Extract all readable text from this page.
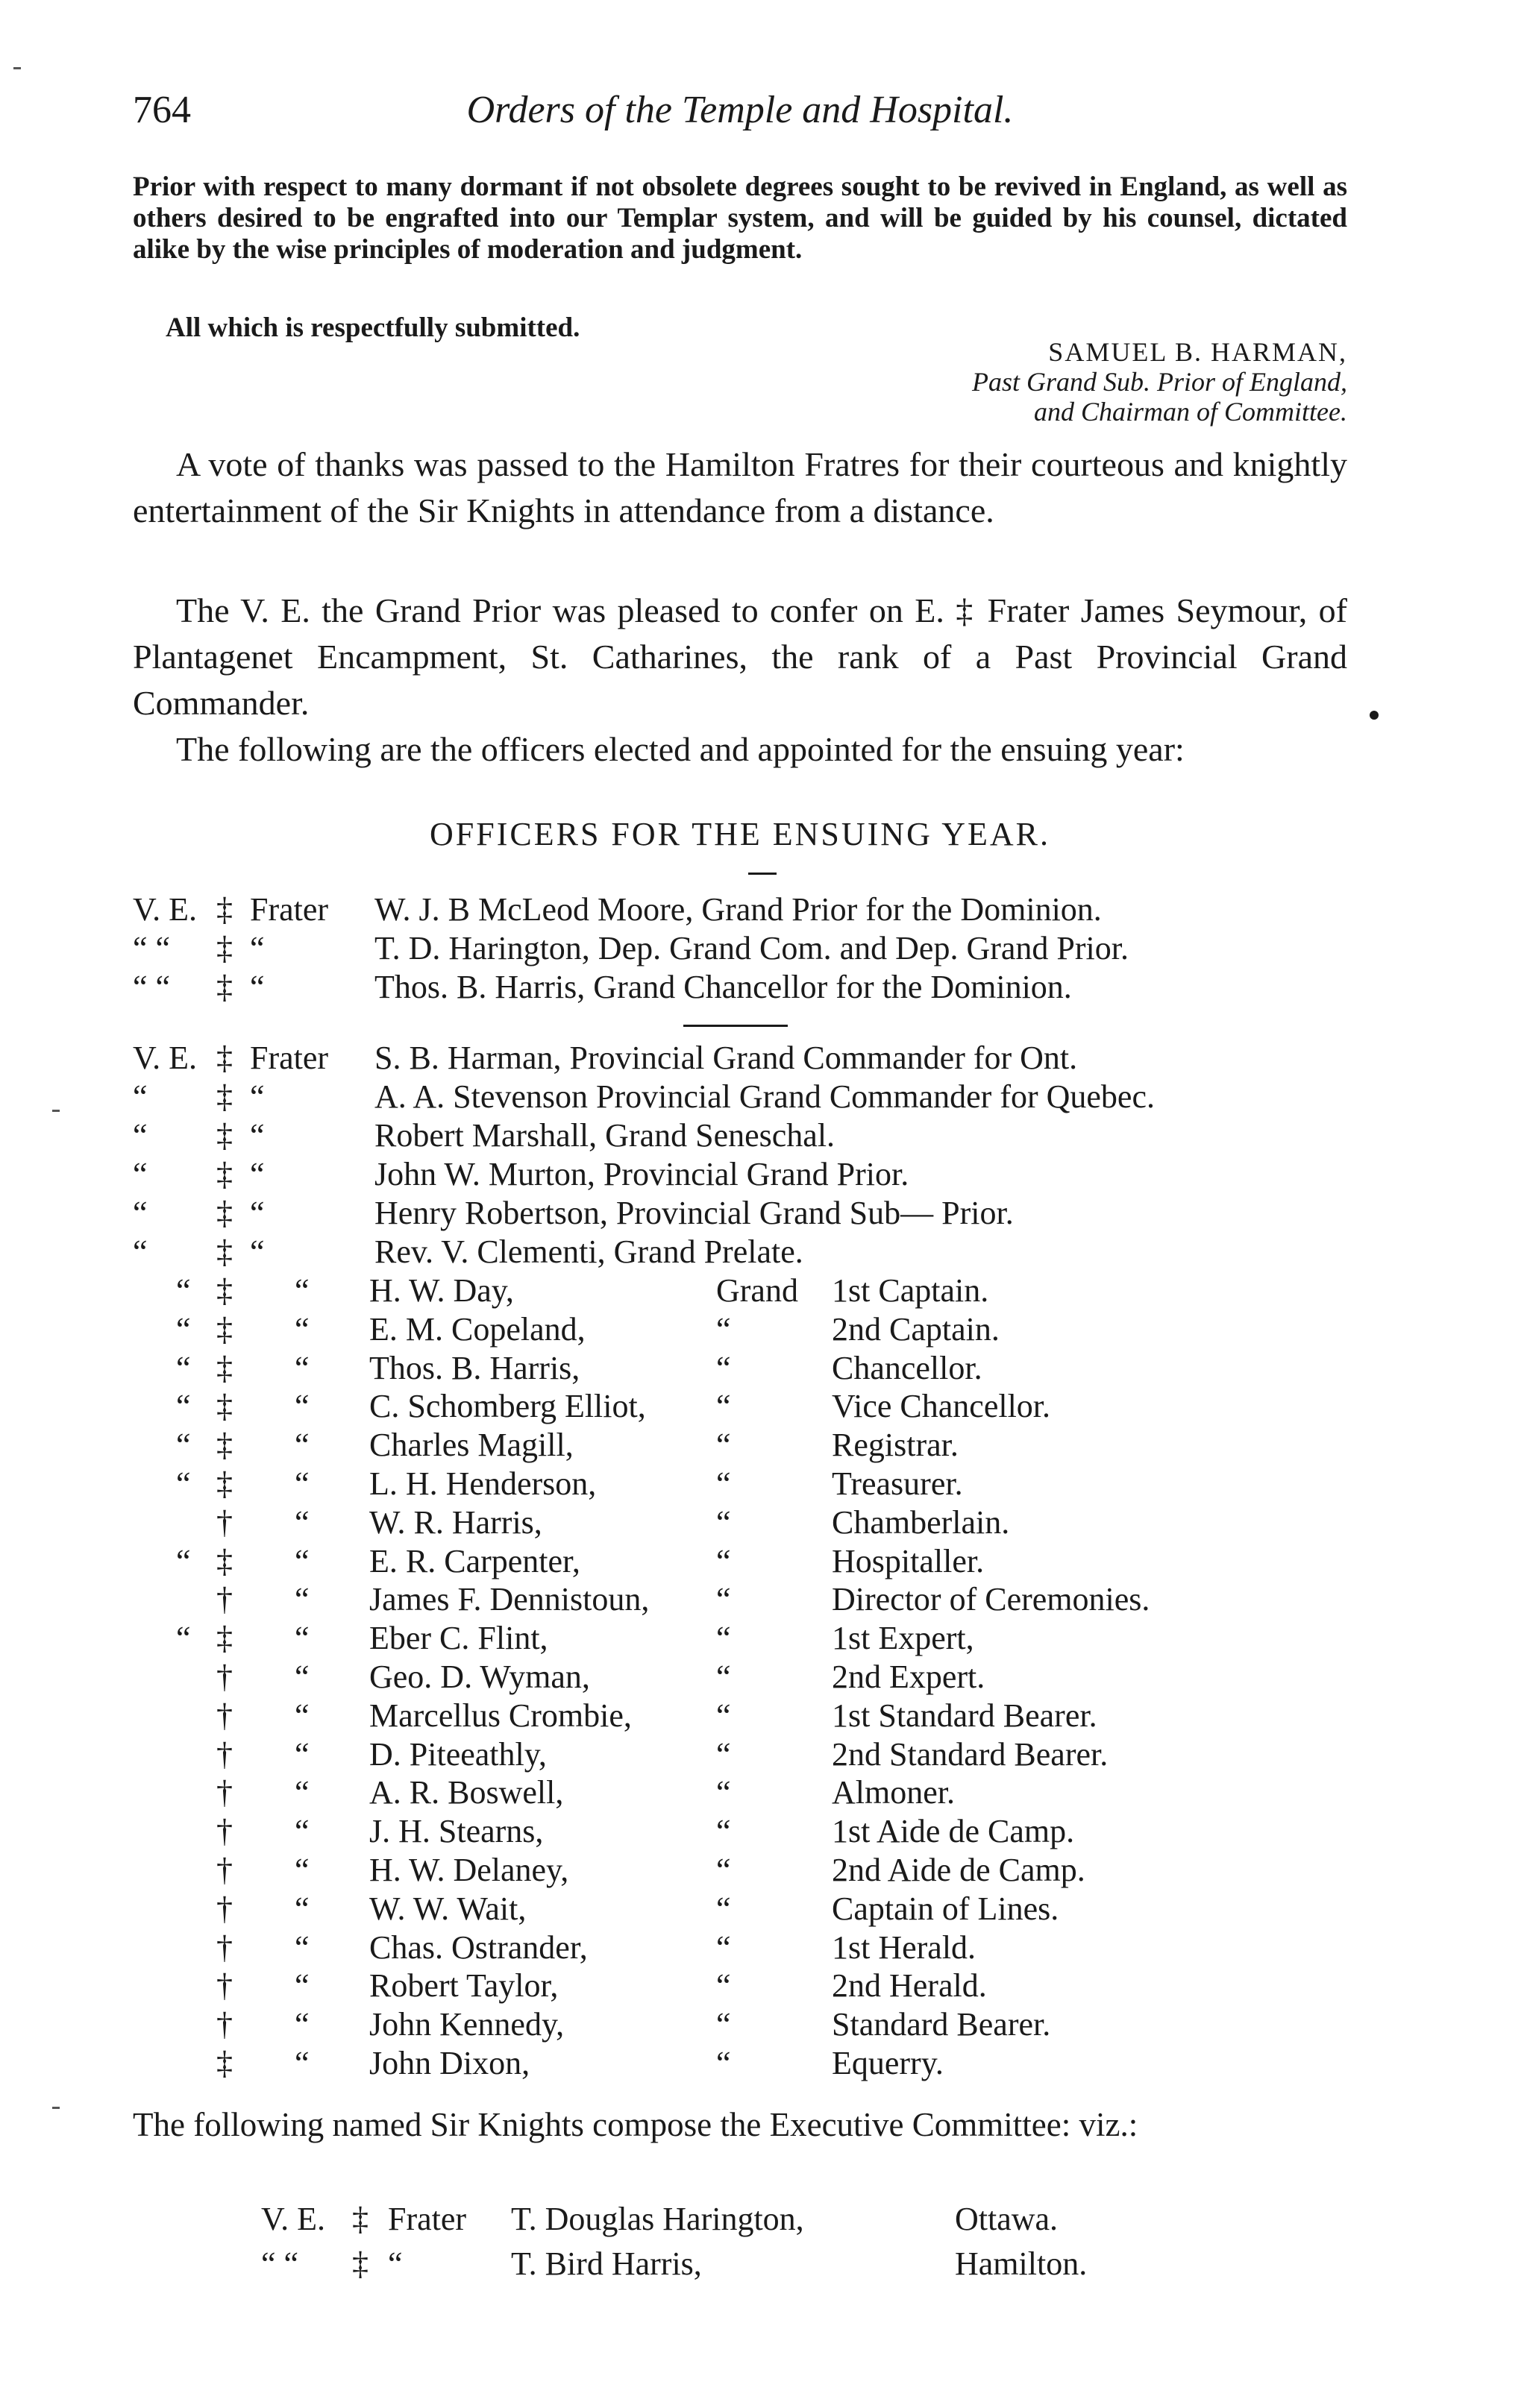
764	Orders of the Temple and Hospital.
Prior with respect to many dormant if not obsolete degrees sought to be revived in England, as well as others desired to be engrafted into our Templar system, and will be guided by his counsel, dictated alike by the wise principles of moderation and judgment.
All which is respectfully submitted.
SAMUEL B. HARMAN,
Past Grand Sub. Prior of England,
and Chairman of Committee.
A vote of thanks was passed to the Hamilton Fratres for their courteous and knightly entertainment of the Sir Knights in attendance from a distance.
The V. E. the Grand Prior was pleased to confer on E. ‡ Frater James Seymour, of Plantagenet Encampment, St. Catharines, the rank of a Past Provincial Grand Commander.
The following are the officers elected and appointed for the ensuing year:
OFFICERS FOR THE ENSUING YEAR.
V. E. ‡ Frater W. J. B McLeod Moore, Grand Prior for the Dominion.
“ “ ‡ “	T. D. Harington, Dep. Grand Com. and Dep. Grand Prior.
“ “ ‡ “	Thos. B. Harris, Grand Chancellor for the Dominion.
V. E. ‡ Frater S. B. Harman, Provincial Grand Commander for Ont.
“ ‡ “	A. A. Stevenson Provincial Grand Commander for Quebec.
“ ‡ “	Robert Marshall, Grand Seneschal.
“ ‡ “	John W. Murton, Provincial Grand Prior.
“ ‡ “	Henry Robertson, Provincial Grand Sub— Prior.
“ ‡ “	Rev. V. Clementi, Grand Prelate.
“ ‡ “ H. W. Day,	Grand 1st Captain.
“ ‡ “ E. M. Copeland,	“	2nd Captain.
“ ‡ “ Thos. B. Harris,	“	Chancellor.
“ ‡ “ C. Schomberg Elliot, “	Vice Chancellor.
“ ‡ “ Charles Magill,	“	Registrar.
“ ‡ “ L. H. Henderson,	“	Treasurer.
† “ W. R. Harris,	“	Chamberlain.
“ ‡ “ E. R. Carpenter,	“	Hospitaller.
† “ James F. Dennistoun, “	Director of Ceremonies.
“ ‡ “ Eber C. Flint,	“	1st Expert,
† “ Geo. D. Wyman,	“	2nd Expert.
† “ Marcellus Crombie,	“	1st Standard Bearer.
† “ D. Piteeathly,	“	2nd Standard Bearer.
† “ A. R. Boswell,	“	Almoner.
† “ J. H. Stearns,	“	1st Aide de Camp.
† “ H. W. Delaney,	“	2nd Aide de Camp.
† “ W. W. Wait,	“	Captain of Lines.
† “ Chas. Ostrander,	“	1st Herald.
† “ Robert Taylor,	“	2nd Herald.
† “ John Kennedy,	“	Standard Bearer.
‡ “ John Dixon,	“	Equerry.
The following named Sir Knights compose the Executive Committee: viz.:
V. E. ‡ Frater T. Douglas Harington,	Ottawa.
“ “ ‡ “	T. Bird Harris,	Hamilton.
